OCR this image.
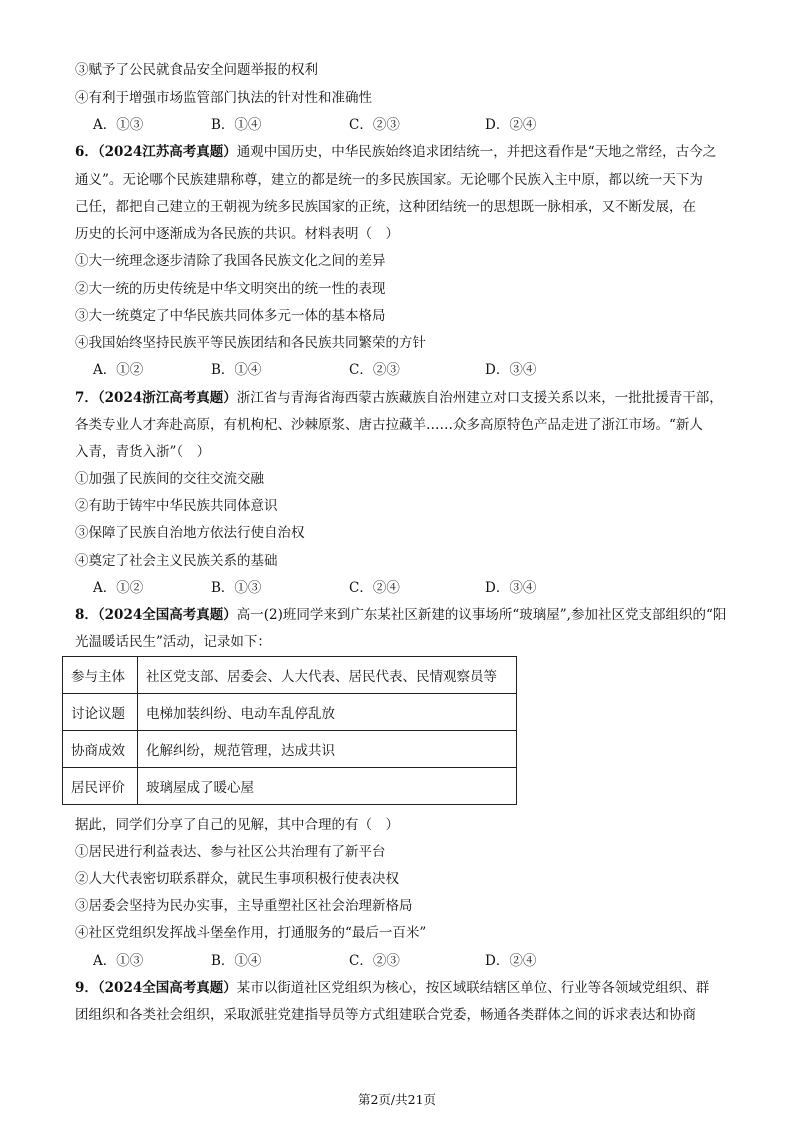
③赋予了公民就食品安全问题举报的权利
④有利于增强市场监管部门执法的针对性和准确性
A．①③	B．①④	C．②③	D．②④
6．（2024江苏高考真题）通观中国历史，中华民族始终追求团结统一，并把这看作是“天地之常经，古今之
通义”。无论哪个民族建鼎称尊，建立的都是统一的多民族国家。无论哪个民族入主中原，都以统一天下为
己任，都把自己建立的王朝视为统多民族国家的正统，这种团结统一的思想既一脉相承，又不断发展，在
历史的长河中逐渐成为各民族的共识。材料表明（　）
①大一统理念逐步清除了我国各民族文化之间的差异
②大一统的历史传统是中华文明突出的统一性的表现
③大一统奠定了中华民族共同体多元一体的基本格局
④我国始终坚持民族平等民族团结和各民族共同繁荣的方针
A．①②	B．①④	C．②③	D．③④
7．（2024浙江高考真题）浙江省与青海省海西蒙古族藏族自治州建立对口支援关系以来，一批批援青干部，
各类专业人才奔赴高原，有机枸杞、沙棘原浆、唐古拉藏羊……众多高原特色产品走进了浙江市场。“新人
入青，青货入浙”（　）
①加强了民族间的交往交流交融
②有助于铸牢中华民族共同体意识
③保障了民族自治地方依法行使自治权
④奠定了社会主义民族关系的基础
A．①②	B．①③	C．②④	D．③④
8．（2024全国高考真题）高一(2)班同学来到广东某社区新建的议事场所“玻璃屋”,参加社区党支部组织的“阳
光温暖话民生”活动，记录如下：
参与主体	社区党支部、居委会、人大代表、居民代表、民情观察员等
讨论议题	电梯加装纠纷、电动车乱停乱放
协商成效	化解纠纷，规范管理，达成共识
居民评价	玻璃屋成了暖心屋
据此，同学们分享了自己的见解，其中合理的有（　）
①居民进行利益表达、参与社区公共治理有了新平台
②人大代表密切联系群众，就民生事项积极行使表决权
③居委会坚持为民办实事，主导重塑社区社会治理新格局
④社区党组织发挥战斗堡垒作用，打通服务的“最后一百米”
A．①③	B．①④	C．②③	D．②④
9．（2024全国高考真题）某市以街道社区党组织为核心，按区域联结辖区单位、行业等各领域党组织、群
团组织和各类社会组织，采取派驻党建指导员等方式组建联合党委，畅通各类群体之间的诉求表达和协商
第2页/共21页
